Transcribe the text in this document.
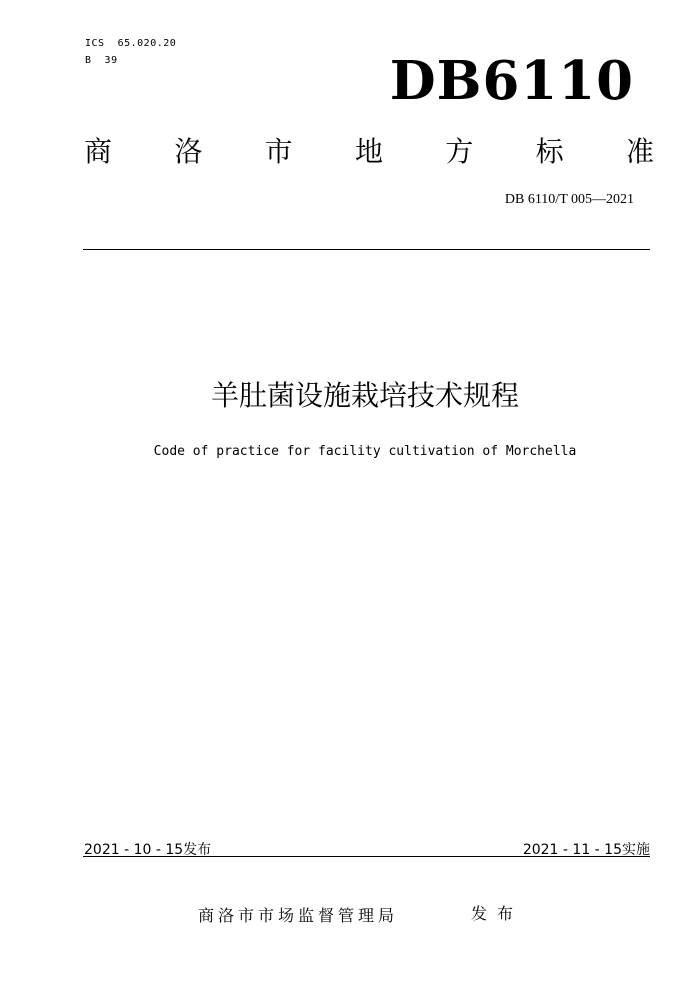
ICS  65.020.20
B  39	DB6110
商 洛 市 地 方 标 准
DB 6110/T 005—2021
羊肚菌设施栽培技术规程
Code of practice for facility cultivation of Morchella
2021 - 10 - 15发布	2021 - 11 - 15实施
商洛市市场监督管理局	发布
